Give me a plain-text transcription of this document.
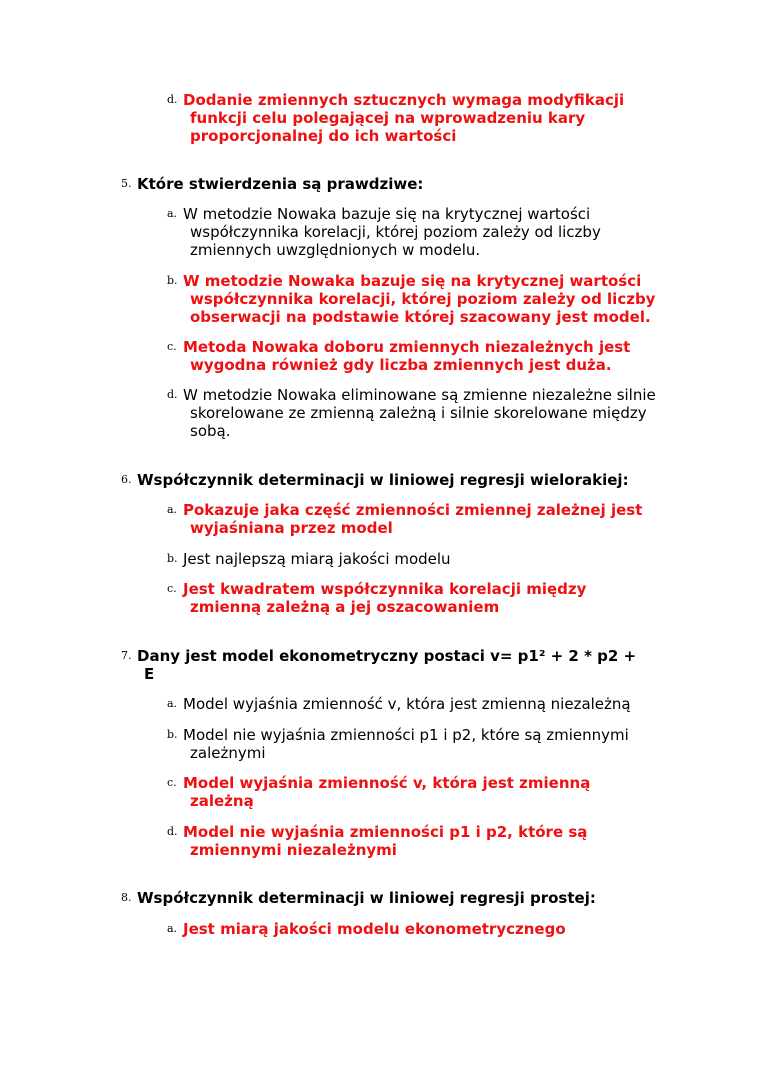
d. Dodanie zmiennych sztucznych wymaga modyfikacji
funkcji celu polegającej na wprowadzeniu kary
proporcjonalnej do ich wartości
5. Które stwierdzenia są prawdziwe:
a. W metodzie Nowaka bazuje się na krytycznej wartości
współczynnika korelacji, której poziom zależy od liczby
zmiennych uwzględnionych w modelu.
b. W metodzie Nowaka bazuje się na krytycznej wartości
współczynnika korelacji, której poziom zależy od liczby
obserwacji na podstawie której szacowany jest model.
c. Metoda Nowaka doboru zmiennych niezależnych jest
wygodna również gdy liczba zmiennych jest duża.
d. W metodzie Nowaka eliminowane są zmienne niezależne silnie
skorelowane ze zmienną zależną i silnie skorelowane między
sobą.
6. Współczynnik determinacji w liniowej regresji wielorakiej:
a. Pokazuje jaka część zmienności zmiennej zależnej jest
wyjaśniana przez model
b. Jest najlepszą miarą jakości modelu
c. Jest kwadratem współczynnika korelacji między
zmienną zależną a jej oszacowaniem
7. Dany jest model ekonometryczny postaci v= p1² + 2 * p2 +
E
a. Model wyjaśnia zmienność v, która jest zmienną niezależną
b. Model nie wyjaśnia zmienności p1 i p2, które są zmiennymi
zależnymi
c. Model wyjaśnia zmienność v, która jest zmienną
zależną
d. Model nie wyjaśnia zmienności p1 i p2, które są
zmiennymi niezależnymi
8. Współczynnik determinacji w liniowej regresji prostej:
a. Jest miarą jakości modelu ekonometrycznego
